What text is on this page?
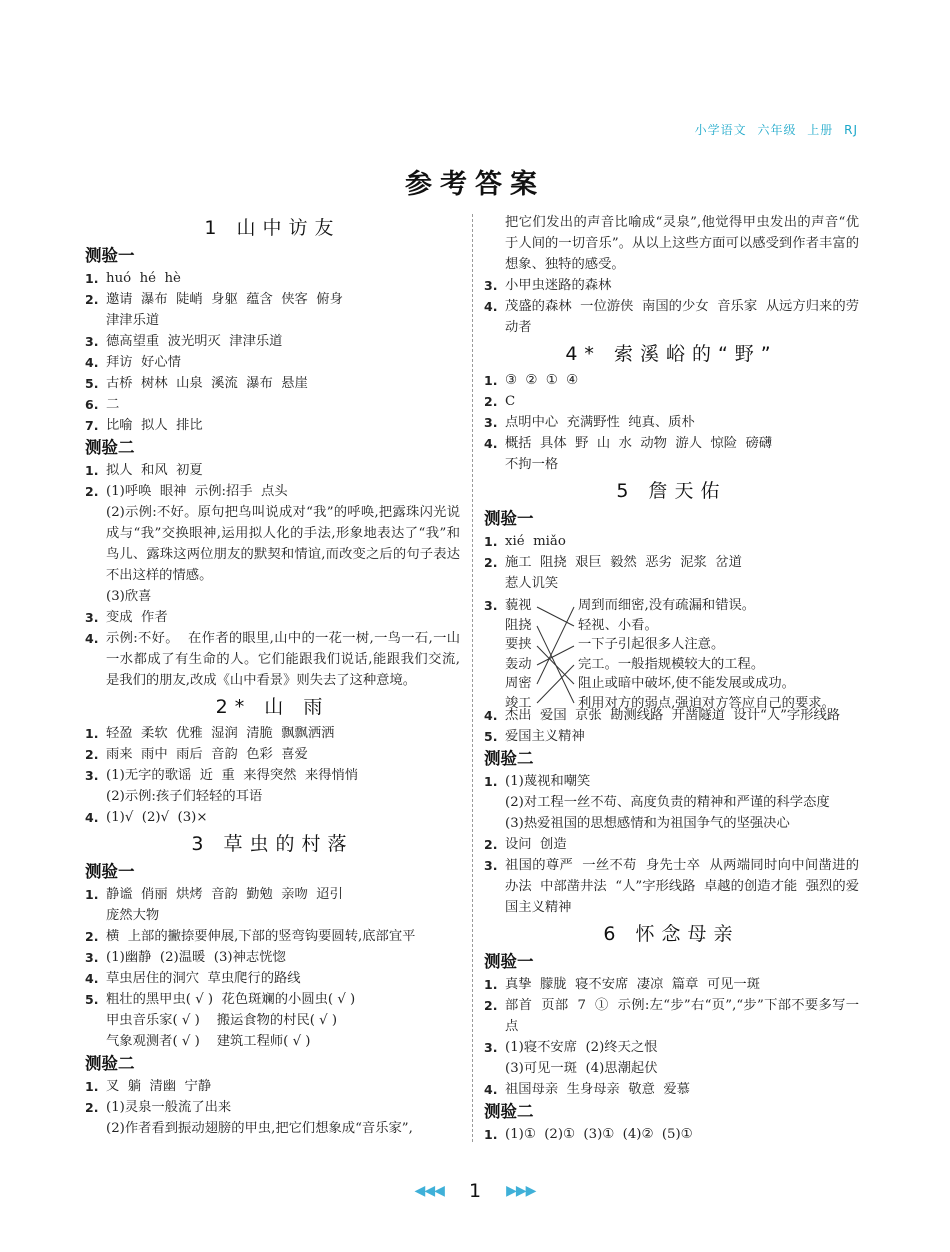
小学语文 六年级 上册 RJ
参考答案
1 山中访友
测验一
1. huó  hé  hè
2. 邀请  瀑布  陡峭  身躯  蕴含  侠客  俯身
津津乐道
3. 德高望重  波光明灭  津津乐道
4. 拜访  好心情
5. 古桥  树林  山泉  溪流  瀑布  悬崖
6. 二
7. 比喻  拟人  排比
测验二
1. 拟人  和风  初夏
2. (1)呼唤  眼神  示例:招手  点头
(2)示例:不好。原句把鸟叫说成对“我”的呼唤,把露珠闪光说成与“我”交换眼神,运用拟人化的手法,形象地表达了“我”和鸟儿、露珠这两位朋友的默契和情谊,而改变之后的句子表达不出这样的情感。
(3)欣喜
3. 变成  作者
4. 示例:不好。  在作者的眼里,山中的一花一树,一鸟一石,一山一水都成了有生命的人。它们能跟我们说话,能跟我们交流,是我们的朋友,改成《山中看景》则失去了这种意境。
2* 山 雨
1. 轻盈  柔软  优雅  湿润  清脆  飘飘洒洒
2. 雨来  雨中  雨后  音韵  色彩  喜爱
3. (1)无字的歌谣  近  重  来得突然  来得悄悄
(2)示例:孩子们轻轻的耳语
4. (1)√  (2)√  (3)×
3 草虫的村落
测验一
1. 静谧  俏丽  烘烤  音韵  勤勉  亲吻  迢引
庞然大物
2. 横  上部的撇捺要伸展,下部的竖弯钩要圆转,底部宜平
3. (1)幽静  (2)温暖  (3)神志恍惚
4. 草虫居住的洞穴  草虫爬行的路线
5. 粗壮的黑甲虫( √ )  花色斑斓的小圆虫( √ )
甲虫音乐家( √ )    搬运食物的村民( √ )
气象观测者( √ )    建筑工程师( √ )
测验二
1. 叉  躺  清幽  宁静
2. (1)灵泉一般流了出来
(2)作者看到振动翅膀的甲虫,把它们想象成“音乐家”,
把它们发出的声音比喻成“灵泉”,他觉得甲虫发出的声音“优于人间的一切音乐”。从以上这些方面可以感受到作者丰富的想象、独特的感受。
3. 小甲虫迷路的森林
4. 茂盛的森林  一位游侠  南国的少女  音乐家  从远方归来的劳动者
4* 索溪峪的“野”
1. ③  ②  ①  ④
2. C
3. 点明中心  充满野性  纯真、质朴
4. 概括  具体  野  山  水  动物  游人  惊险  磅礴
不拘一格
5 詹天佑
测验一
1. xié  miǎo
2. 施工  阻挠  艰巨  毅然  恶劣  泥浆  岔道
惹人讥笑
3. 藐视
阻挠
要挟
轰动
周密
竣工
周到而细密,没有疏漏和错误。
轻视、小看。
一下子引起很多人注意。
完工。一般指规模较大的工程。
阻止或暗中破坏,使不能发展或成功。
利用对方的弱点,强迫对方答应自己的要求。
4. 杰出  爱国  京张  勘测线路  开凿隧道  设计“人”字形线路
5. 爱国主义精神
测验二
1. (1)蔑视和嘲笑
(2)对工程一丝不苟、高度负责的精神和严谨的科学态度
(3)热爱祖国的思想感情和为祖国争气的坚强决心
2. 设问  创造
3. 祖国的尊严  一丝不苟  身先士卒  从两端同时向中间凿进的办法  中部凿井法  “人”字形线路  卓越的创造才能  强烈的爱国主义精神
6 怀念母亲
测验一
1. 真挚  朦胧  寝不安席  凄凉  篇章  可见一斑
2. 部首  页部  7  ①  示例:左“步”右“页”,“步”下部不要多写一点
3. (1)寝不安席  (2)终天之恨
(3)可见一斑  (4)思潮起伏
4. 祖国母亲  生身母亲  敬意  爱慕
测验二
1. (1)①  (2)①  (3)①  (4)②  (5)①
◀◀◀ 1 ▶▶▶
